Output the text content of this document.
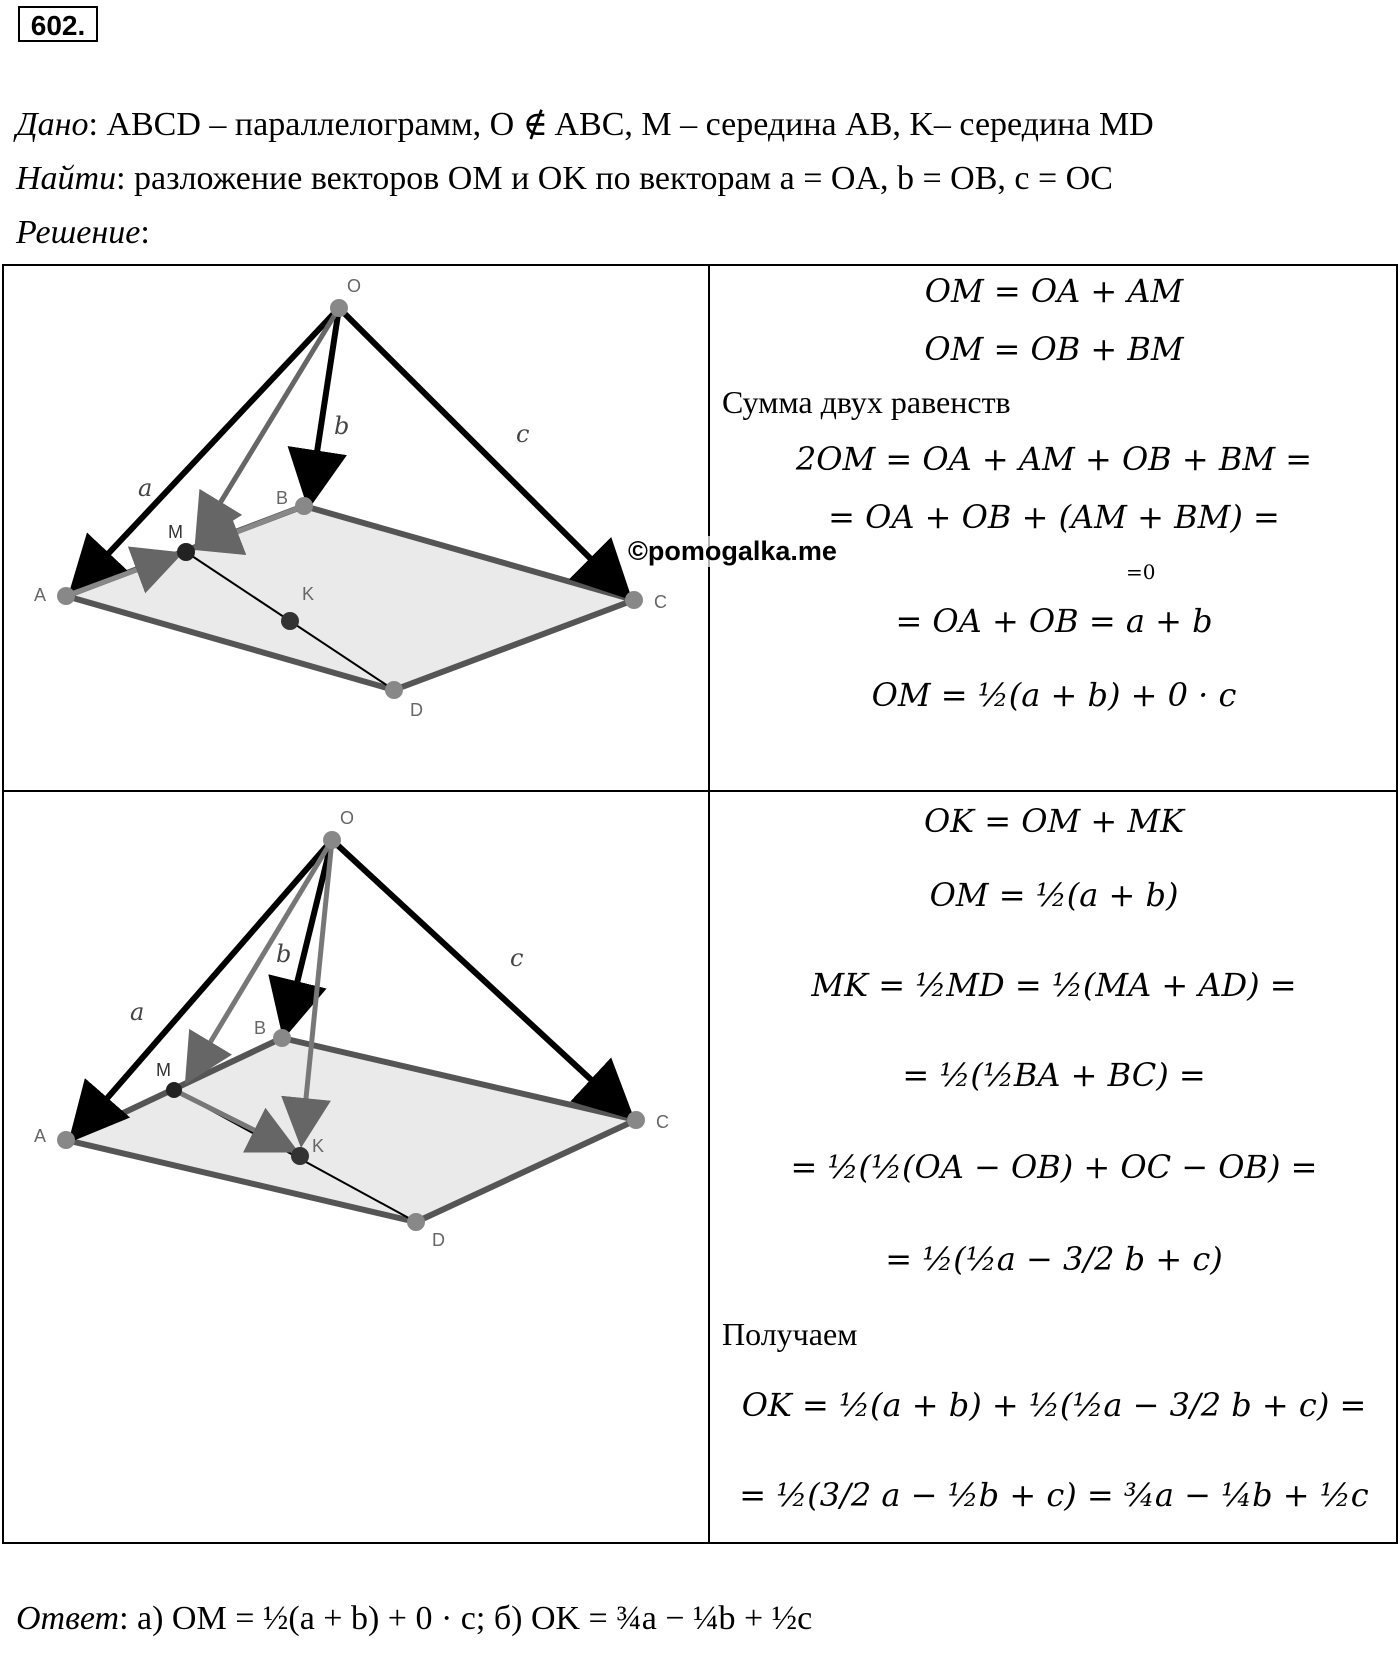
602.
Дано: ABCD – параллелограмм, O ∉ ABC, M – середина AB, K– середина MD
Найти: разложение векторов OM и OK по векторам a = OA, b = OB, c = OC
Решение:
O
A
B
C
D
M
K
a
b	c
O
A
B
C
D
M
K
a
b	c
©pomogalka.me
OM = OA + AM
OM = OB + BM
Сумма двух равенств
2OM = OA + AM + OB + BM =
= OA + OB + (AM + BM) =
=0
= OA + OB = a + b
OM = ½(a + b) + 0 · c
OK = OM + MK
OM = ½(a + b)
MK = ½MD = ½(MA + AD) =
= ½(½BA + BC) =
= ½(½(OA − OB) + OC − OB) =
= ½(½a − 3/2 b + c)
Получаем
OK = ½(a + b) + ½(½a − 3/2 b + c) =
= ½(3/2 a − ½b + c) = ¾a − ¼b + ½c
Ответ: а) OM = ½(a + b) + 0 · c; б) OK = ¾a − ¼b + ½c
